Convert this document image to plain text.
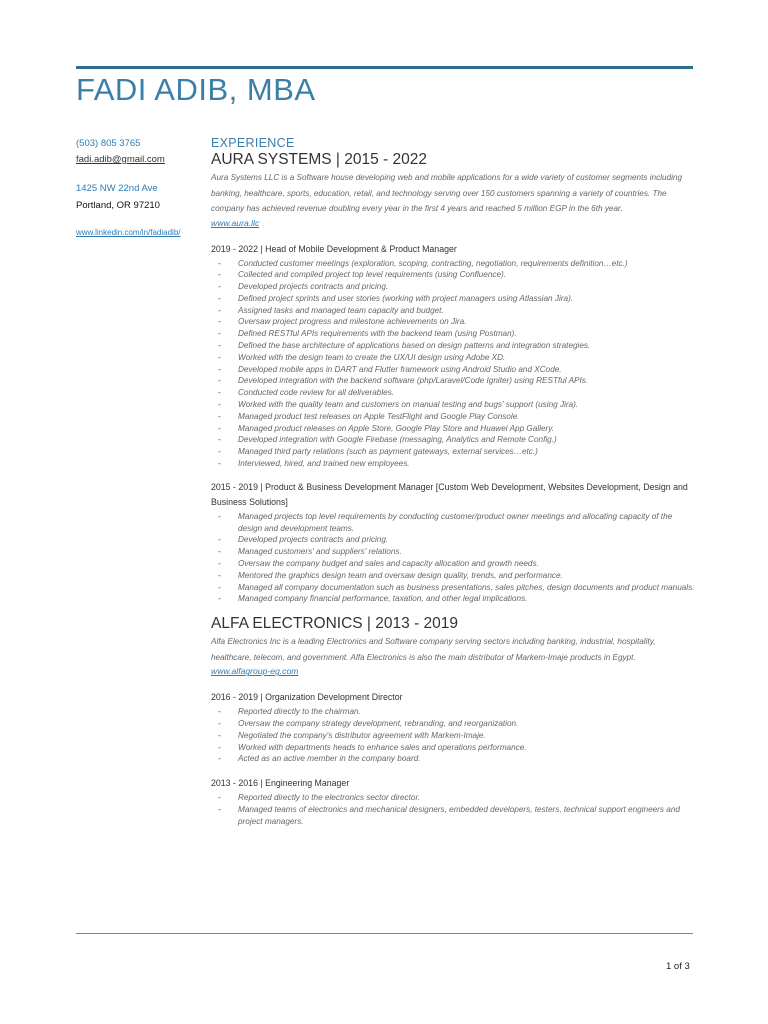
FADI ADIB, MBA
(503) 805 3765
fadi.adib@gmail.com
1425 NW 22nd Ave
Portland, OR 97210
www.linkedin.com/in/fadiadib/
EXPERIENCE
AURA SYSTEMS | 2015 - 2022
Aura Systems LLC is a Software house developing web and mobile applications for a wide variety of customer segments including banking, healthcare, sports, education, retail, and technology serving over 150 customers spanning a variety of countries. The company has achieved revenue doubling every year in the first 4 years and reached 5 million EGP in the 6th year.
www.aura.llc
2019 - 2022 | Head of Mobile Development & Product Manager
- Conducted customer meetings (exploration, scoping, contracting, negotiation, requirements definition…etc.)
- Collected and compiled project top level requirements (using Confluence).
- Developed projects contracts and pricing.
- Defined project sprints and user stories (working with project managers using Atlassian Jira).
- Assigned tasks and managed team capacity and budget.
- Oversaw project progress and milestone achievements on Jira.
- Defined RESTful APIs requirements with the backend team (using Postman).
- Defined the base architecture of applications based on design patterns and integration strategies.
- Worked with the design team to create the UX/UI design using Adobe XD.
- Developed mobile apps in DART and Flutter framework using Android Studio and XCode.
- Developed integration with the backend software (php/Laravel/Code Igniter) using RESTful APIs.
- Conducted code review for all deliverables.
- Worked with the quality team and customers on manual testing and bugs' support (using Jira).
- Managed product test releases on Apple TestFlight and Google Play Console.
- Managed product releases on Apple Store, Google Play Store and Huawei App Gallery.
- Developed integration with Google Firebase (messaging, Analytics and Remote Config.)
- Managed third party relations (such as payment gateways, external services…etc.)
- Interviewed, hired, and trained new employees.
2015 - 2019 | Product & Business Development Manager [Custom Web Development, Websites Development, Design and Business Solutions]
- Managed projects top level requirements by conducting customer/product owner meetings and allocating capacity of the design and development teams.
- Developed projects contracts and pricing.
- Managed customers' and suppliers' relations.
- Oversaw the company budget and sales and capacity allocation and growth needs.
- Mentored the graphics design team and oversaw design quality, trends, and performance.
- Managed all company documentation such as business presentations, sales pitches, design documents and product manuals.
- Managed company financial performance, taxation, and other legal implications.
ALFA ELECTRONICS | 2013 - 2019
Alfa Electronics Inc is a leading Electronics and Software company serving sectors including banking, industrial, hospitality, healthcare, telecom, and government. Alfa Electronics is also the main distributor of Markem-Imaje products in Egypt.
www.alfagroup-eg.com
2016 - 2019 | Organization Development Director
- Reported directly to the chairman.
- Oversaw the company strategy development, rebranding, and reorganization.
- Negotiated the company's distributor agreement with Markem-Imaje.
- Worked with departments heads to enhance sales and operations performance.
- Acted as an active member in the company board.
2013 - 2016 | Engineering Manager
- Reported directly to the electronics sector director.
- Managed teams of electronics and mechanical designers, embedded developers, testers, technical support engineers and project managers.
1 of 3
